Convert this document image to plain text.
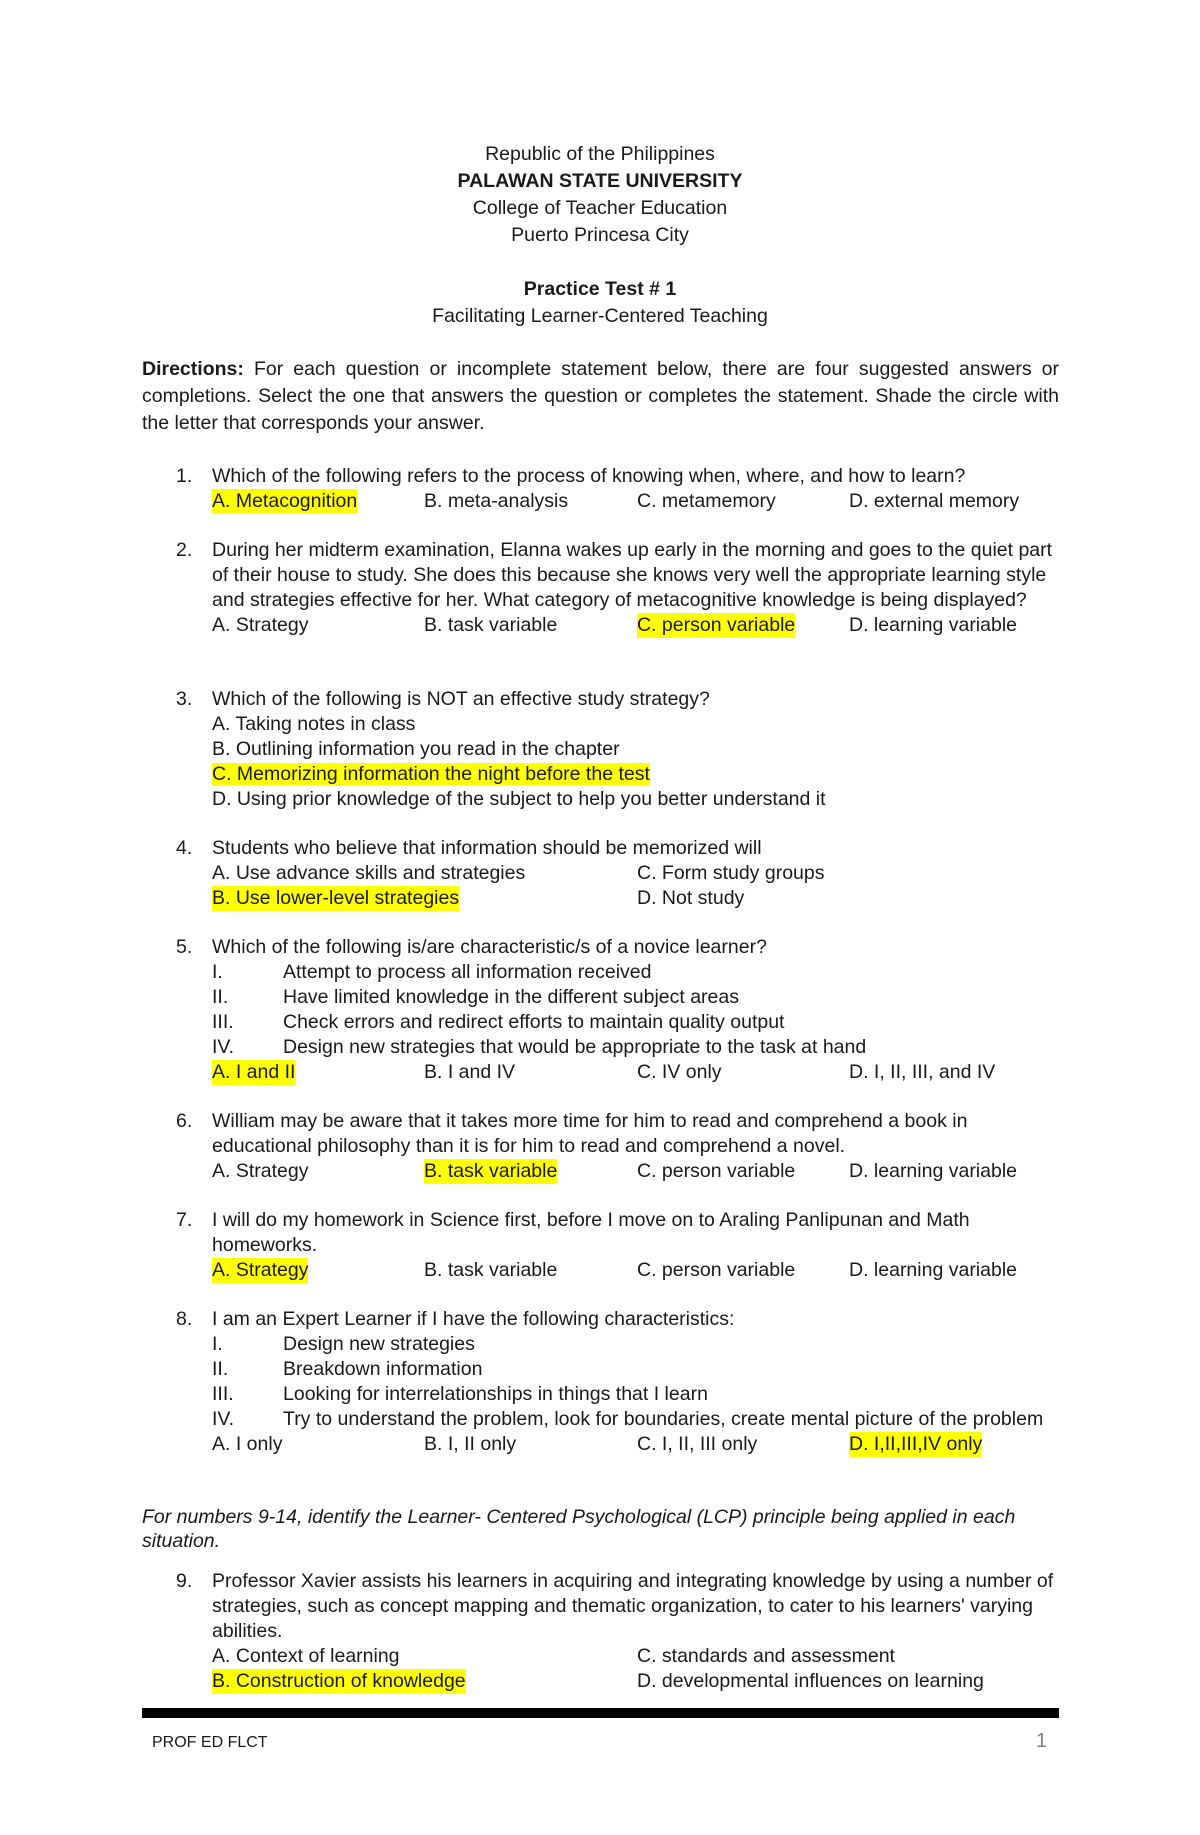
Republic of the Philippines
PALAWAN STATE UNIVERSITY
College of Teacher Education
Puerto Princesa City
Practice Test # 1
Facilitating Learner-Centered Teaching
Directions: For each question or incomplete statement below, there are four suggested answers or completions. Select the one that answers the question or completes the statement. Shade the circle with the letter that corresponds your answer.
1. Which of the following refers to the process of knowing when, where, and how to learn?
A. Metacognition	B. meta-analysis	C. metamemory	D. external memory
2. During her midterm examination, Elanna wakes up early in the morning and goes to the quiet part of their house to study. She does this because she knows very well the appropriate learning style and strategies effective for her. What category of metacognitive knowledge is being displayed?
A. Strategy	B. task variable	C. person variable	D. learning variable
3. Which of the following is NOT an effective study strategy?
A. Taking notes in class
B. Outlining information you read in the chapter
C. Memorizing information the night before the test
D. Using prior knowledge of the subject to help you better understand it
4. Students who believe that information should be memorized will
A. Use advance skills and strategies	C. Form study groups
B. Use lower-level strategies	D. Not study
5. Which of the following is/are characteristic/s of a novice learner?
I.	Attempt to process all information received
II.	Have limited knowledge in the different subject areas
III.	Check errors and redirect efforts to maintain quality output
IV.	Design new strategies that would be appropriate to the task at hand
A. I and II	B. I and IV	C. IV only	D. I, II, III, and IV
6. William may be aware that it takes more time for him to read and comprehend a book in educational philosophy than it is for him to read and comprehend a novel.
A. Strategy	B. task variable	C. person variable	D. learning variable
7. I will do my homework in Science first, before I move on to Araling Panlipunan and Math homeworks.
A. Strategy	B. task variable	C. person variable	D. learning variable
8. I am an Expert Learner if I have the following characteristics:
I.	Design new strategies
II.	Breakdown information
III.	Looking for interrelationships in things that I learn
IV.	Try to understand the problem, look for boundaries, create mental picture of the problem
A. I only	B. I, II only	C. I, II, III only	D. I,II,III,IV only
For numbers 9-14, identify the Learner- Centered Psychological (LCP) principle being applied in each situation.
9. Professor Xavier assists his learners in acquiring and integrating knowledge by using a number of strategies, such as concept mapping and thematic organization, to cater to his learners' varying abilities.
A. Context of learning	C. standards and assessment
B. Construction of knowledge	D. developmental influences on learning
PROF ED FLCT	1
